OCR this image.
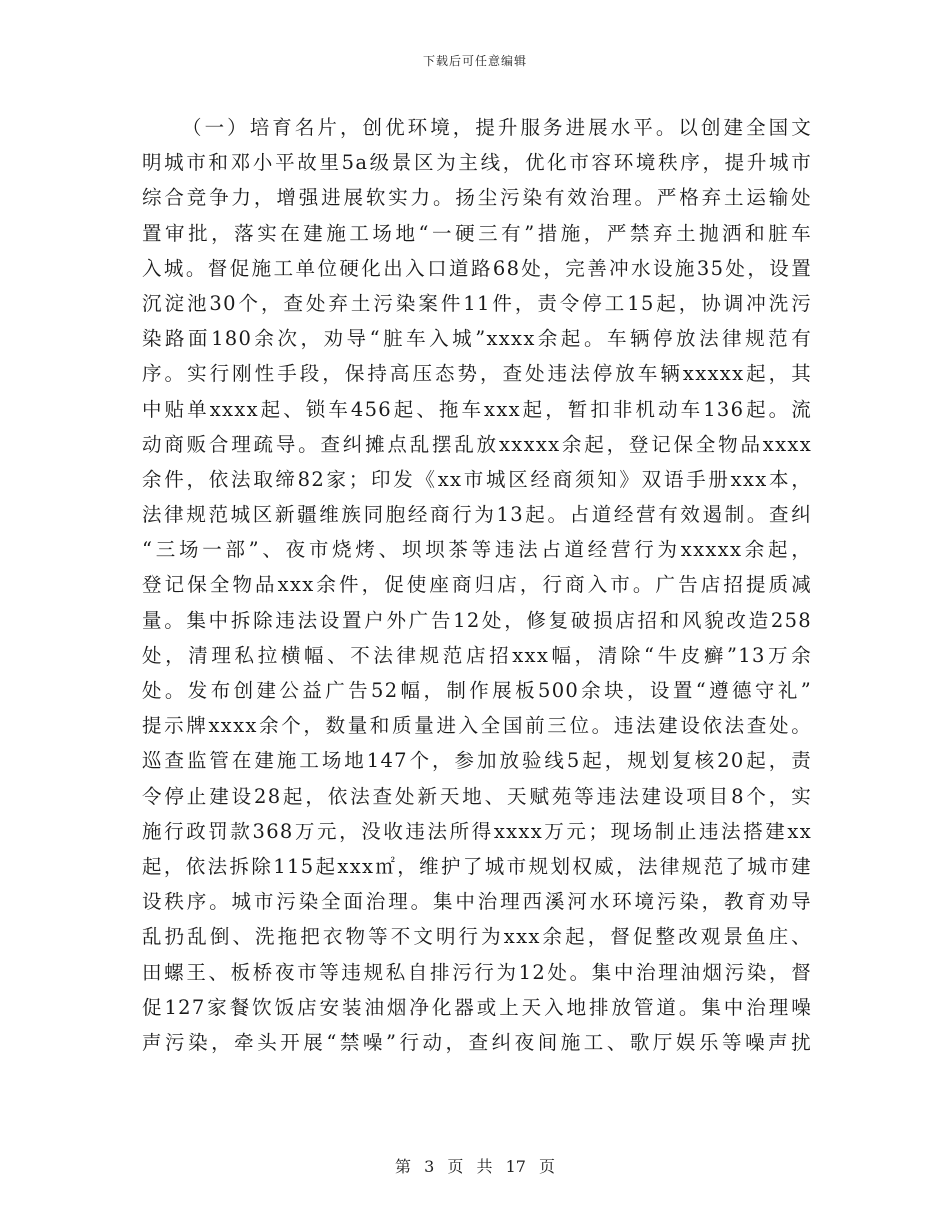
下载后可任意编辑
（一）培育名片，创优环境，提升服务进展水平。以创建全国文
明城市和邓小平故里5a级景区为主线，优化市容环境秩序，提升城市
综合竞争力，增强进展软实力。扬尘污染有效治理。严格弃土运输处
置审批，落实在建施工场地“一硬三有”措施，严禁弃土抛洒和脏车
入城。督促施工单位硬化出入口道路68处，完善冲水设施35处，设置
沉淀池30个，查处弃土污染案件11件，责令停工15起，协调冲洗污
染路面180余次，劝导“脏车入城”xxxx余起。车辆停放法律规范有
序。实行刚性手段，保持高压态势，查处违法停放车辆xxxxx起，其
中贴单xxxx起、锁车456起、拖车xxx起，暂扣非机动车136起。流
动商贩合理疏导。查纠摊点乱摆乱放xxxxx余起，登记保全物品xxxx
余件，依法取缔82家；印发《xx市城区经商须知》双语手册xxx本，
法律规范城区新疆维族同胞经商行为13起。占道经营有效遏制。查纠
“三场一部”、夜市烧烤、坝坝茶等违法占道经营行为xxxxx余起，
登记保全物品xxx余件，促使座商归店，行商入市。广告店招提质减
量。集中拆除违法设置户外广告12处，修复破损店招和风貌改造258
处，清理私拉横幅、不法律规范店招xxx幅，清除“牛皮癣”13万余
处。发布创建公益广告52幅，制作展板500余块，设置“遵德守礼”
提示牌xxxx余个，数量和质量进入全国前三位。违法建设依法查处。
巡查监管在建施工场地147个，参加放验线5起，规划复核20起，责
令停止建设28起，依法查处新天地、天赋苑等违法建设项目8个，实
施行政罚款368万元，没收违法所得xxxx万元；现场制止违法搭建xx
起，依法拆除115起xxx㎡，维护了城市规划权威，法律规范了城市建
设秩序。城市污染全面治理。集中治理西溪河水环境污染，教育劝导
乱扔乱倒、洗拖把衣物等不文明行为xxx余起，督促整改观景鱼庄、
田螺王、板桥夜市等违规私自排污行为12处。集中治理油烟污染，督
促127家餐饮饭店安装油烟净化器或上天入地排放管道。集中治理噪
声污染，牵头开展“禁噪”行动，查纠夜间施工、歌厅娱乐等噪声扰
第 3 页 共 17 页
